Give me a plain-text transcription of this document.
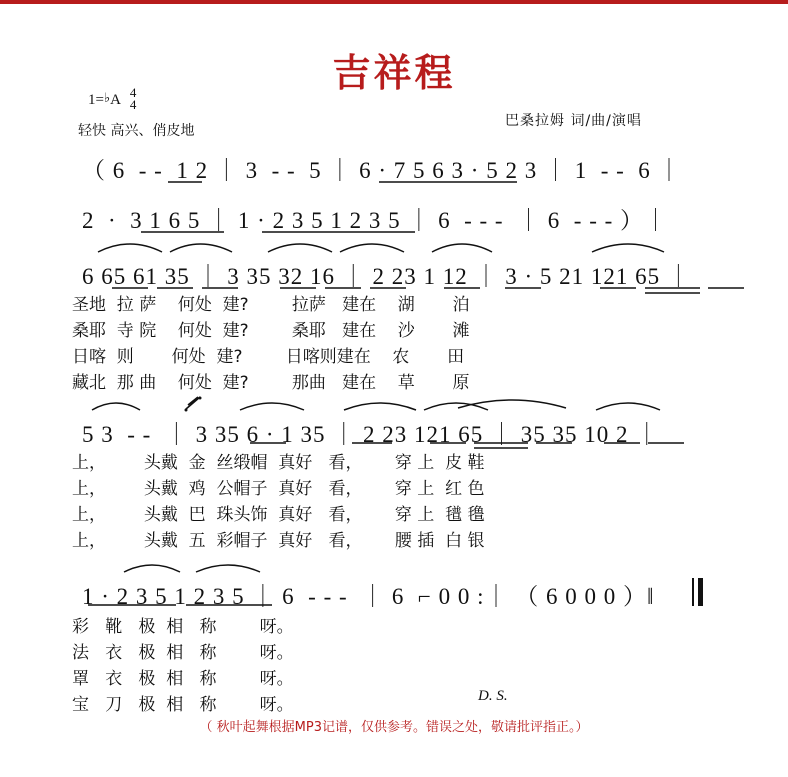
吉祥程
1=♭A 4
4
轻快 高兴、俏皮地
巴桑拉姆 词/曲/演唱
（ 6  - -  1 2 ｜ 3  - -  5 ｜ 6 · 7 5 6 3 · 5 2 3 ｜ 1  - -  6 ｜
2  ·  3 1 6 5 ｜ 1 · 2 3 5 1 2 3 5 ｜ 6  - - -  ｜ 6  - - - ）｜
6 65 61 35 ｜ 3 35 32 16 ｜ 2 23 1 12 ｜ 3 · 5 21 121 65 ｜
圣地  拉 萨    何处  建?        拉萨   建在    湖       泊
桑耶  寺 院    何处  建?        桑耶   建在    沙       滩
日喀  则       何处  建?        日喀则建在    农       田
藏北  那 曲    何处  建?        那曲   建在    草       原
5 3  - -  ｜ 3 35 6 · 1 35 ｜ 2 23 121 65 ｜ 35 35 10 2 ｜
上，       头戴  金  丝缎帽  真好   看，      穿 上  皮 鞋
上，       头戴  鸡  公帽子  真好   看，      穿 上  红 色
上，       头戴  巴  珠头饰  真好   看，      穿 上  氆 氇
上，       头戴  五  彩帽子  真好   看，      腰 插  白 银
1 · 2 3 5 1 2 3 5 ｜ 6  - - -  ｜ 6  ⌐ 0 0 :｜ （ 6 0 0 0 ）‖
彩   靴   极  相   称        呀。
法   衣   极  相   称        呀。
罩   衣   极  相   称        呀。
宝   刀   极  相   称        呀。	D. S.
（ 秋叶起舞根据MP3记谱，仅供参考。错误之处，敬请批评指正。）
